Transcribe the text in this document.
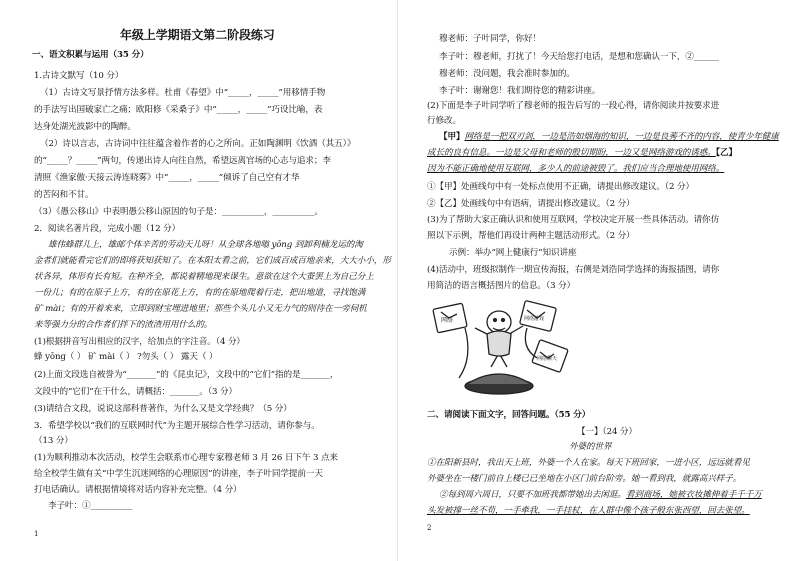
年级上学期语文第二阶段练习
一、语文积累与运用（35 分）
1.古诗文默写（10 分）
（1）古诗文写景抒情方法多样。杜甫《春望》中“_____，_____”用移情手物
的手法写出国破家亡之痛；欧阳修《采桑子》中“_____，_____”巧设比喻，表
达身处湖光波影中的陶醉。
（2）诗以言志，古诗词中往往蕴含着作者的心之所向。正如陶渊明《饮酒（其五）》
的“_____？_____”两句，传递出诗人向往自然，希望远离官场的心志与追求；李
清照《渔家傲·天接云涛连晓雾》中“_____，_____”倾诉了自己空有才华
的苦闷和不甘。
（3）《愚公移山》中表明愚公移山原因的句子是：__________，__________。
2．阅读名著片段，完成小题（12 分）
雄伟蜂群儿上，雄邮个体辛苦的劳动天儿呀！从全球各地嗡 yōng 到卸利楠龙运的淘
金者们就能看完它们的即将获知获知了。在本阳太看之前，它们成百成百地亲来，大大小小，形
状各异，体形有长有短。在种齐全，都说着精地现来谋生。意欲在这个大蚕罢上为自己分上
一份儿；有的在原子上方，有的在原花上方，有的在原地爬着行走，把出地道，寻找饱满
矿 mài；有的开着来来，立即到财宝埋进地里；那些个头儿小又无力气的则待在一旁伺机
来等强力分的合作者们拌下的渣渣用用什么的。
(1)根据拼音写出相应的汉字，给加点的字注音。（4 分）
蜂 yōng（ ） 矿 mài（ ） ?勿头（ ） 露天（ ）
(2)上面文段选自被誉为“_______”的《昆虫记》，文段中的“它们”指的是_______，
文段中的“它们”在干什么，请概括：_______。（3 分）
(3)请结合文段，说说这部科普著作，为什么又是文学经典？（5 分）
3．希望学校以“我们的互联网时代”为主题开展综合性学习活动，请你参与。
（13 分）
(1)为顺利推动本次活动，校学生会联系市心理专家穆老师 3 月 26 日下午 3 点来
给全校学生做有关“中学生沉迷网络的心理原因”的讲座，李子叶同学提前一天
打电话确认。请根据情境将对话内容补充完整。（4 分）
李子叶：①__________
1
穆老师：子叶同学，你好！
李子叶：穆老师，打扰了！今天给您打电话，是想和您确认一下，②______
穆老师：没问题，我会准时参加的。
李子叶：谢谢您！我们期待您的精彩讲座。
(2)下面是李子叶同学听了穆老师的报告后写的一段心得，请你阅读并按要求进
行修改。
【甲】网络是一把双刃剑，一边是浩如烟海的知识，一边是良莠不齐的内容，使青少年健康
成长的良有信息。一边是父母和老师的殷切期盼，一边又是网络游戏的诱惑。【乙】
因为不能正确地使用互联网，多少人的前途被毁了。我们应当合理地使用网络。
①【甲】处画线句中有一处标点使用不正确，请提出修改建议。（2 分）
②【乙】处画线句中有语病，请提出修改建议。（2 分）
(3)为了帮助大家正确认识和使用互联网，学校决定开展一些具体活动。请你仿
照以下示例，帮他们再设计两种主题活动形式。（2 分）
示例：举办“网上健康行”知识讲座
(4)活动中，班级拟制作一期宣传海报，右侧是刘浩同学选择的海报插图，请你
用简洁的语言概括图片的信息。（3 分）
网络	网络游戏
网络聊天
二、请阅读下面文字，回答问题。（55 分）
【一】（24 分）
外婆的世界
①在阳新县时，我出天上班，外婆一个人在家。每天下班回家，一进小区，远远就看见
外婆坐在一楼门前自上楼已已坐地在小区门前台阶旁。她一看到我，就露高兴样子。
②每到周六周日，只要不加班我都带她出去闲逛。看到商场，她被衣妆摊伸着手千千万
头发被撑一丝不苟，一手牵我，一手挂杖，在人群中像个孩子般东张西望，回去张望。
2
